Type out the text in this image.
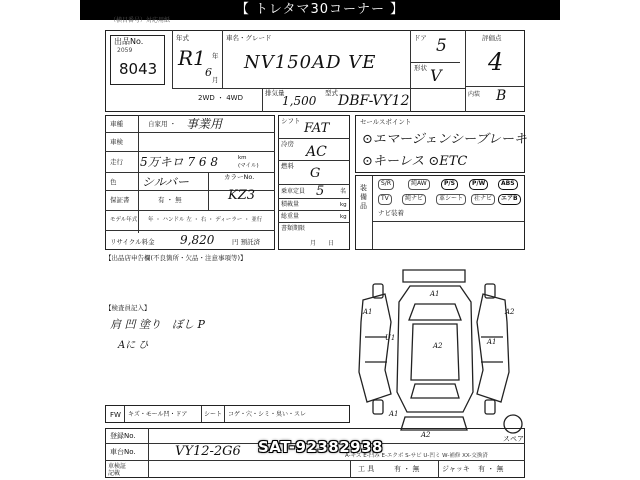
【 トレタマ30コーナー 】
（横目番号）対応用紙
出品No.
2059
8043
年式
R1
6
年
月
車名・グレード
NV150AD VE
ドア 5
形状 V
評価点
4
内装 B
2WD ・ 4WD
排気量
1,500
型式 DBF-VY12
車種	自家用 ・ 事業用
車検
走行 5万キロ 7 6 8	km
(マイル)
色 シルバー	カラーNo.
KZ3
保証書	有 ・ 無
モデル年式 年 ・ ハンドル 左 ・ 右 ・ ディーラー ・ 並行
リサイクル料金 9,820	円 預託済
シフト FAT
冷房 AC
燃料 G
乗車定員 5	名
積載量	kg
総重量	kg
書類期限
月　　日
セールスポイント
⊙エマージェンシーブレーキ
⊙キーレス ⊙ETC
装備品
S/R	純AW	P/S	P/W	ABS
TV	純ナビ	革シート	社ナビ	エアB
ナビ装着
【出品店申告欄(不良箇所・欠品・注意事項等)】
【検査員記入】
肩 凹 塗り　ぼし P
Aに ひ
A1
A1
U1
A2	A1
A2
A1
A2	スペア
FW キズ・モール凹・ドア	シート コゲ・穴・シミ・臭い・スレ
登録No.
車台No.	VY12-2G6
車検証
記載
A-キズ E-凹み E-エクボ S-サビ U-凹ミ W-補修 XX-交換済
工 具	有 ・ 無	ジャッキ 有 ・ 無
SAT-92382938
